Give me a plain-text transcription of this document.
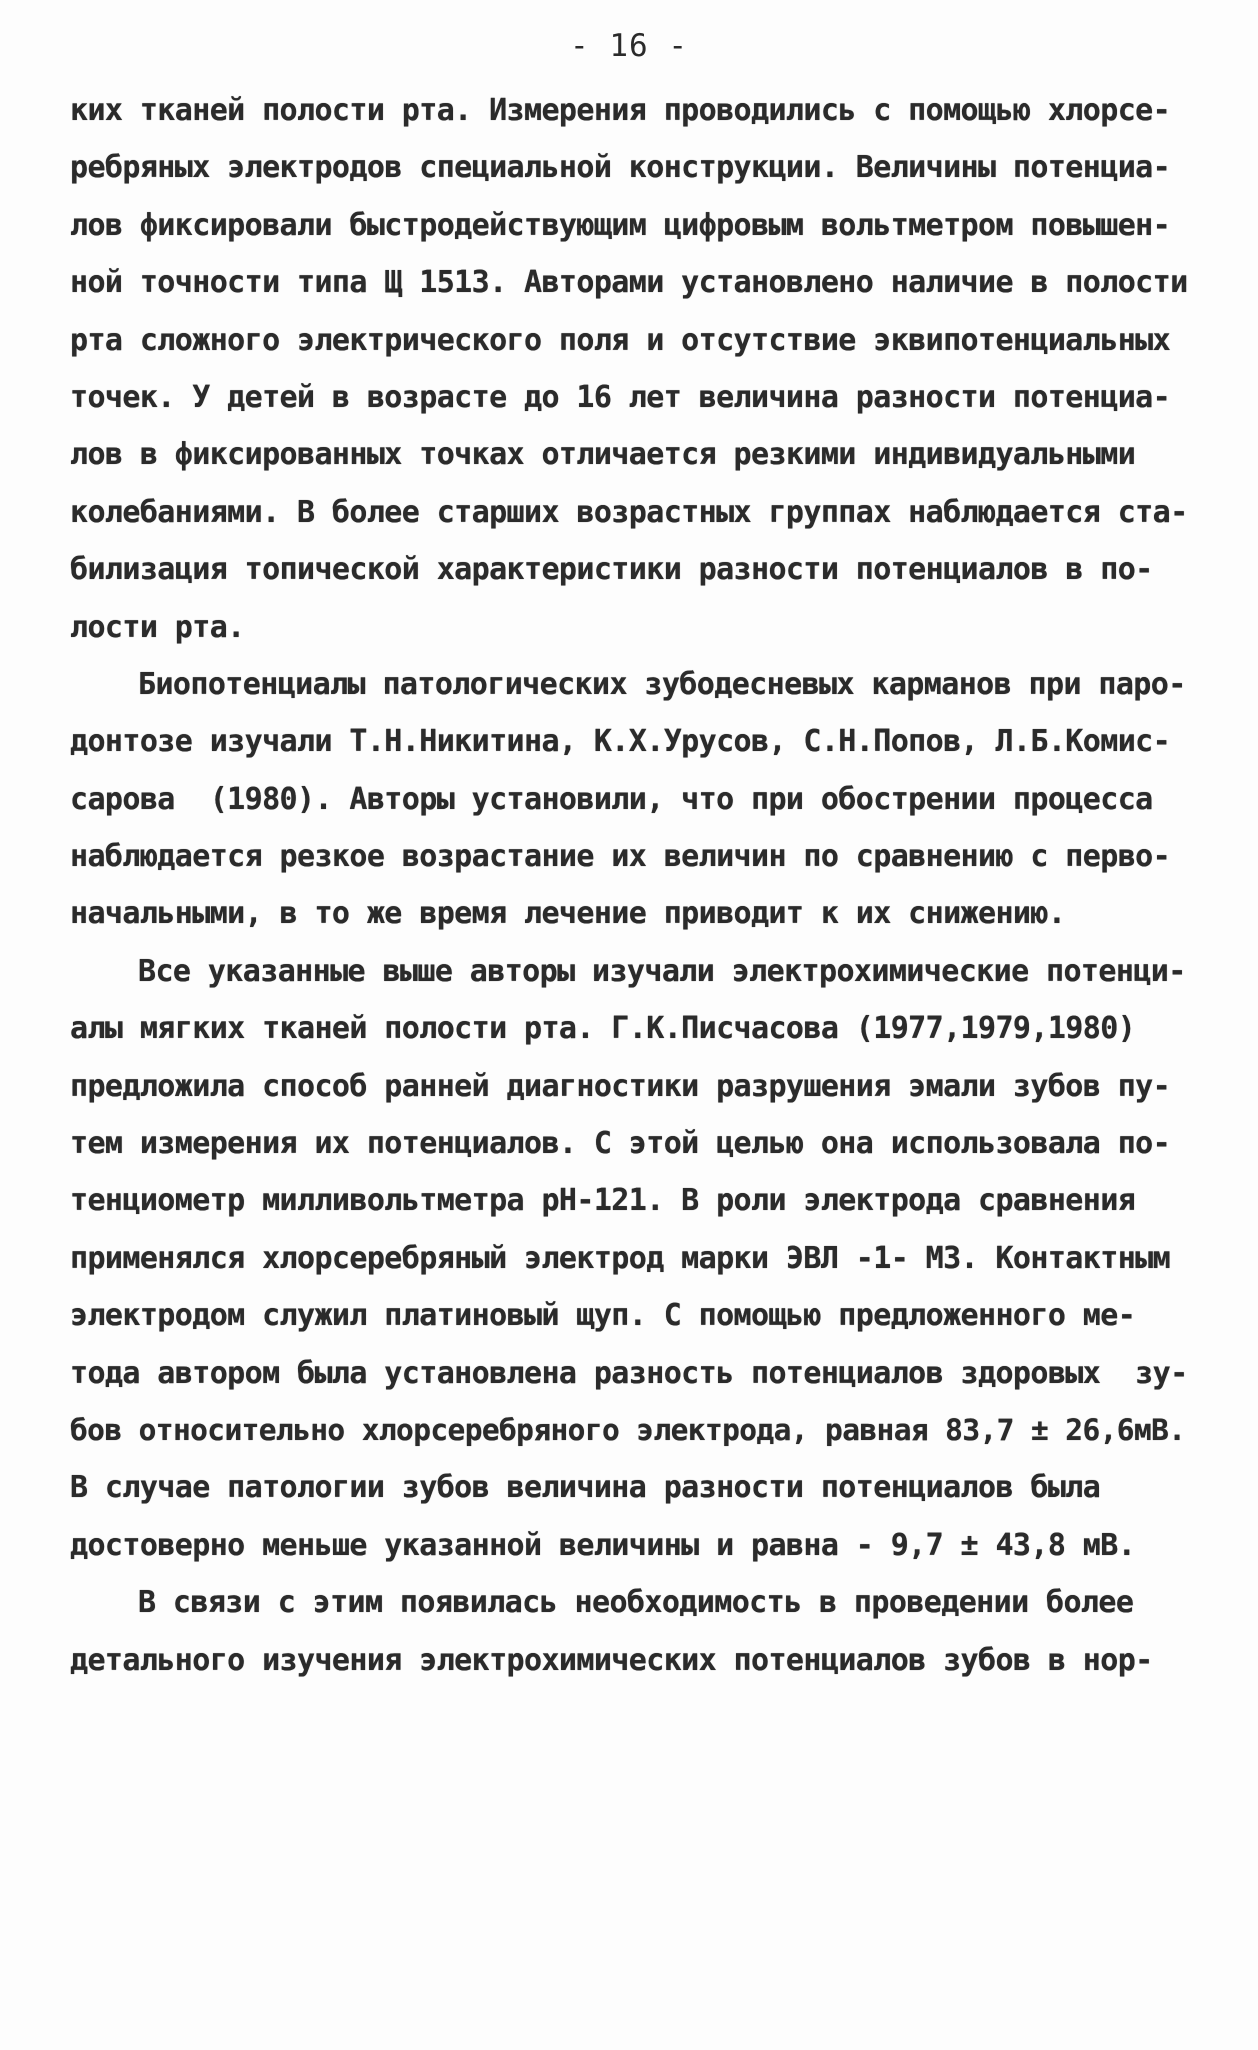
- 16 -
ких тканей полости рта. Измерения проводились с помощью хлорсе-
ребряных электродов специальной конструкции. Величины потенциа-
лов фиксировали быстродействующим цифровым вольтметром повышен-
ной точности типа Щ 1513. Авторами установлено наличие в полости
рта сложного электрического поля и отсутствие эквипотенциальных
точек. У детей в возрасте до 16 лет величина разности потенциа-
лов в фиксированных точках отличается резкими индивидуальными
колебаниями. В более старших возрастных группах наблюдается ста-
билизация топической характеристики разности потенциалов в по-
лости рта.
Биопотенциалы патологических зубодесневых карманов при паро-
донтозе изучали Т.Н.Никитина, К.Х.Урусов, С.Н.Попов, Л.Б.Комис-
сарова  (1980). Авторы установили, что при обострении процесса
наблюдается резкое возрастание их величин по сравнению с перво-
начальными, в то же время лечение приводит к их снижению.
Все указанные выше авторы изучали электрохимические потенци-
алы мягких тканей полости рта. Г.К.Писчасова (1977,1979,1980)
предложила способ ранней диагностики разрушения эмали зубов пу-
тем измерения их потенциалов. С этой целью она использовала по-
тенциометр милливольтметра pH-121. В роли электрода сравнения
применялся хлорсеребряный электрод марки ЭВЛ -1- М3. Контактным
электродом служил платиновый щуп. С помощью предложенного ме-
тода автором была установлена разность потенциалов здоровых  зу-
бов относительно хлорсеребряного электрода, равная 83,7 ± 26,6мВ.
В случае патологии зубов величина разности потенциалов была
достоверно меньше указанной величины и равна - 9,7 ± 43,8 мВ.
В связи с этим появилась необходимость в проведении более
детального изучения электрохимических потенциалов зубов в нор-
